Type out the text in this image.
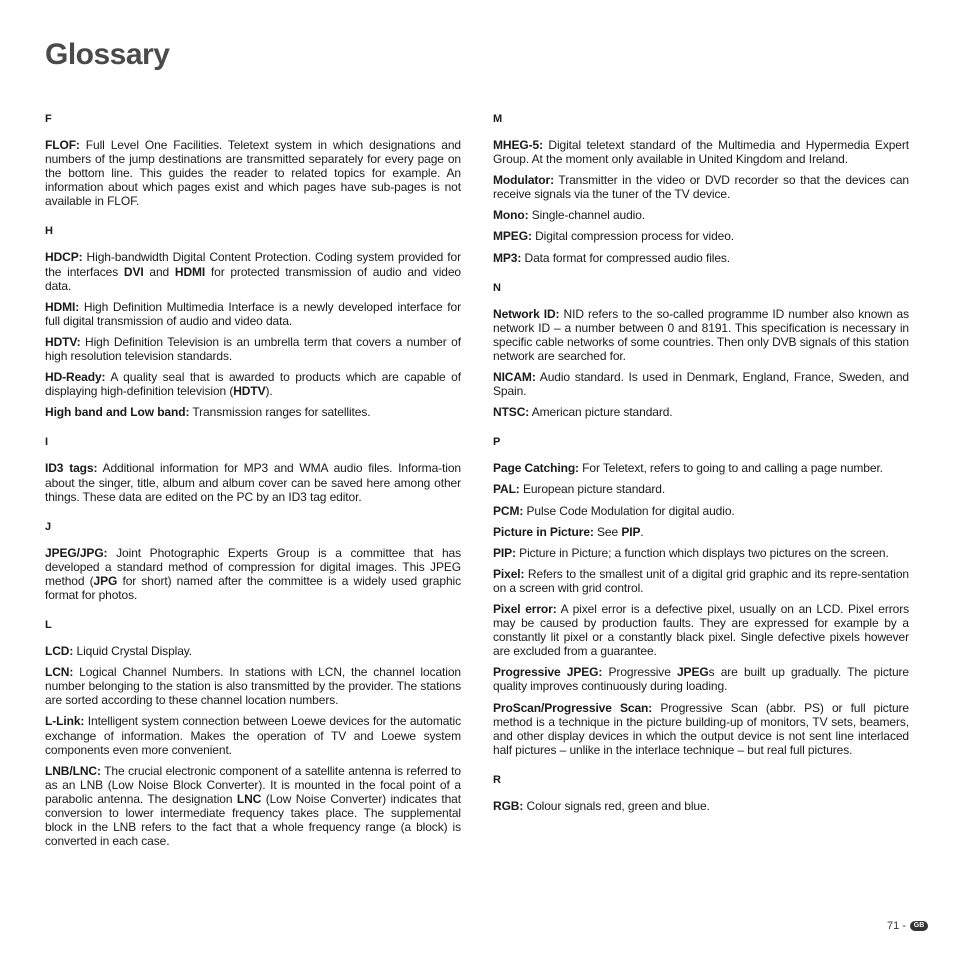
Glossary

F

FLOF: Full Level One Facilities. Teletext system in which designations and numbers of the jump destinations are transmitted separately for every page on the bottom line. This guides the reader to related topics for example. An information about which pages exist and which pages have sub-pages is not available in FLOF.

H

HDCP: High-bandwidth Digital Content Protection. Coding system provided for the interfaces DVI and HDMI for protected transmission of audio and video data.

HDMI: High Definition Multimedia Interface is a newly developed interface for full digital transmission of audio and video data.

HDTV: High Definition Television is an umbrella term that covers a number of high resolution television standards.

HD-Ready: A quality seal that is awarded to products which are capable of displaying high-definition television (HDTV).

High band and Low band: Transmission ranges for satellites.

I

ID3 tags: Additional information for MP3 and WMA audio files. Informa-tion about the singer, title, album and album cover can be saved here among other things. These data are edited on the PC by an ID3 tag editor.

J

JPEG/JPG: Joint Photographic Experts Group is a committee that has developed a standard method of compression for digital images. This JPEG method (JPG for short) named after the committee is a widely used graphic format for photos.

L

LCD: Liquid Crystal Display.

LCN: Logical Channel Numbers. In stations with LCN, the channel location number belonging to the station is also transmitted by the provider. The stations are sorted according to these channel location numbers.

L-Link: Intelligent system connection between Loewe devices for the automatic exchange of information. Makes the operation of TV and Loewe system components even more convenient.

LNB/LNC: The crucial electronic component of a satellite antenna is referred to as an LNB (Low Noise Block Converter). It is mounted in the focal point of a parabolic antenna. The designation LNC (Low Noise Converter) indicates that conversion to lower intermediate frequency takes place. The supplemental block in the LNB refers to the fact that a whole frequency range (a block) is converted in each case.

M

MHEG-5: Digital teletext standard of the Multimedia and Hypermedia Expert Group. At the moment only available in United Kingdom and Ireland.

Modulator: Transmitter in the video or DVD recorder so that the devices can receive signals via the tuner of the TV device.

Mono: Single-channel audio.

MPEG: Digital compression process for video.

MP3: Data format for compressed audio files.

N

Network ID: NID refers to the so-called programme ID number also known as network ID – a number between 0 and 8191. This specification is necessary in specific cable networks of some countries. Then only DVB signals of this station network are searched for.

NICAM: Audio standard. Is used in Denmark, England, France, Sweden, and Spain.

NTSC: American picture standard.

P

Page Catching: For Teletext, refers to going to and calling a page number.

PAL: European picture standard.

PCM: Pulse Code Modulation for digital audio.

Picture in Picture: See PIP.

PIP: Picture in Picture; a function which displays two pictures on the screen.

Pixel: Refers to the smallest unit of a digital grid graphic and its repre-sentation on a screen with grid control.

Pixel error: A pixel error is a defective pixel, usually on an LCD. Pixel errors may be caused by production faults. They are expressed for example by a constantly lit pixel or a constantly black pixel. Single defective pixels however are excluded from a guarantee.

Progressive JPEG: Progressive JPEGs are built up gradually. The picture quality improves continuously during loading.

ProScan/Progressive Scan: Progressive Scan (abbr. PS) or full picture method is a technique in the picture building-up of monitors, TV sets, beamers, and other display devices in which the output device is not sent line interlaced half pictures – unlike in the interlace technique – but real full pictures.

R

RGB: Colour signals red, green and blue.

71 -	GB
